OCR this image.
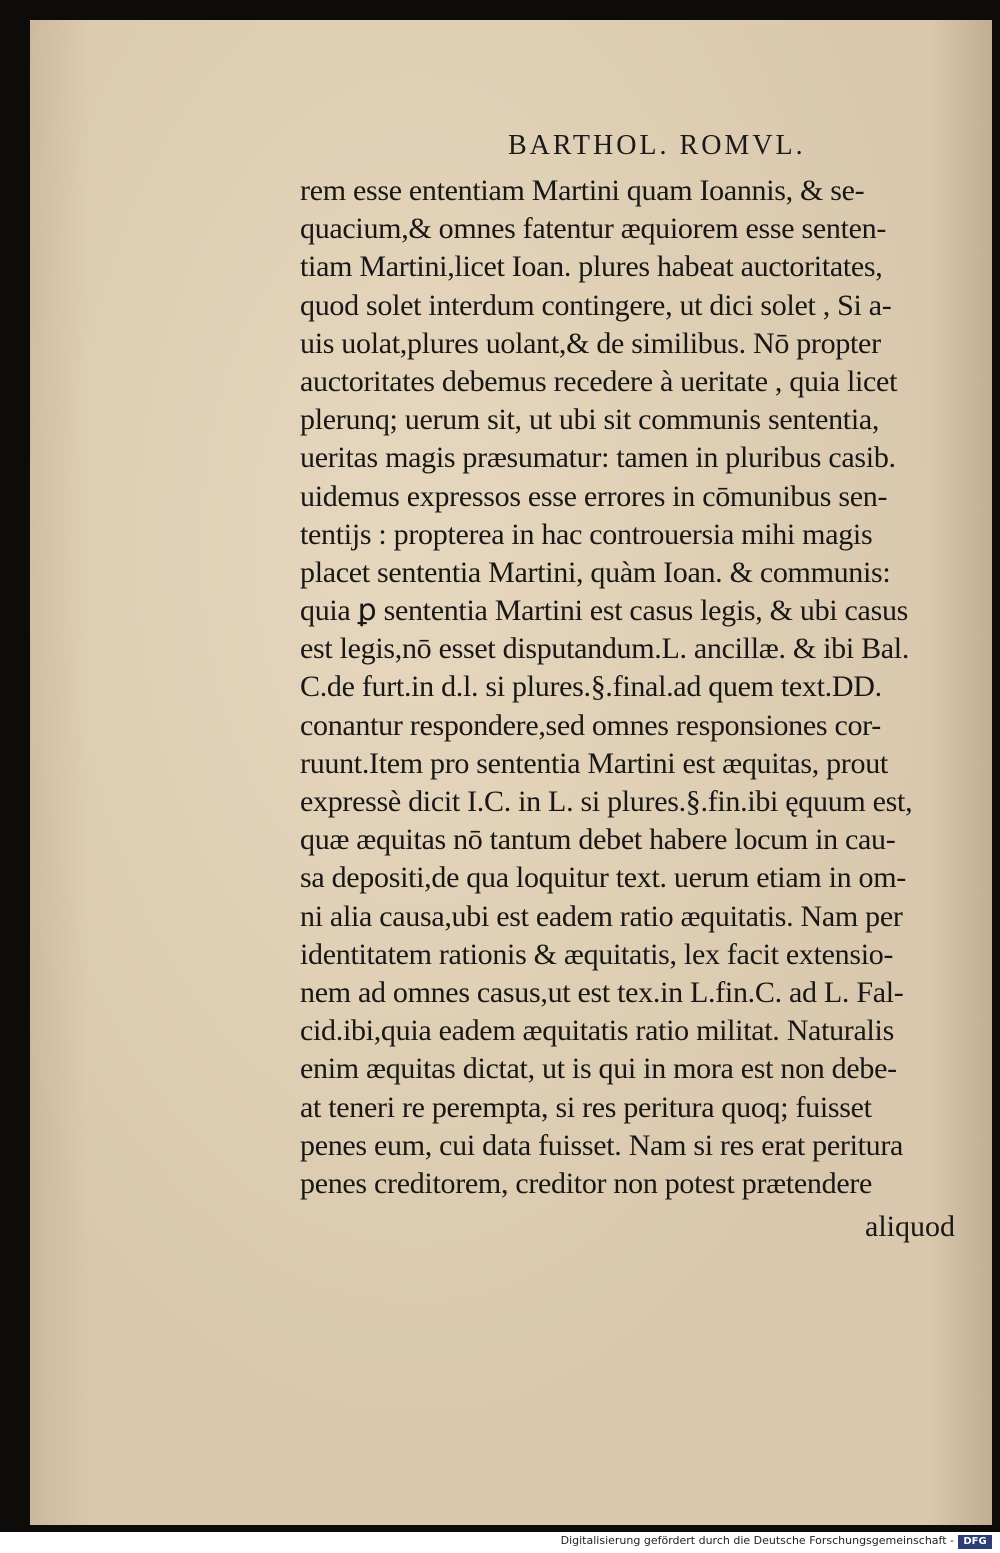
BARTHOL. ROMVL.
rem esse ententiam Martini quam Ioannis, & se-
quacium,& omnes fatentur æquiorem esse senten-
tiam Martini,licet Ioan. plures habeat auctoritates,
quod solet interdum contingere, ut dici solet , Si a-
uis uolat,plures uolant,& de similibus. Nō propter
auctoritates debemus recedere à ueritate , quia licet
plerunq; uerum sit, ut ubi sit communis sententia,
ueritas magis præsumatur: tamen in pluribus casib.
uidemus expressos esse errores in cōmunibus sen-
tentijs : propterea in hac controuersia mihi magis
placet sententia Martini, quàm Ioan. & communis:
quia ꝑ sententia Martini est casus legis, & ubi casus
est legis,nō esset disputandum.L. ancillæ. & ibi Bal.
C.de furt.in d.l. si plures.§.final.ad quem text.DD.
conantur respondere,sed omnes responsiones cor-
ruunt.Item pro sententia Martini est æquitas, prout
expressè dicit I.C. in L. si plures.§.fin.ibi ęquum est,
quæ æquitas nō tantum debet habere locum in cau-
sa depositi,de qua loquitur text. uerum etiam in om-
ni alia causa,ubi est eadem ratio æquitatis. Nam per
identitatem rationis & æquitatis, lex facit extensio-
nem ad omnes casus,ut est tex.in L.fin.C. ad L. Fal-
cid.ibi,quia eadem æquitatis ratio militat. Naturalis
enim æquitas dictat, ut is qui in mora est non debe-
at teneri re perempta, si res peritura quoq; fuisset
penes eum, cui data fuisset. Nam si res erat peritura
penes creditorem, creditor non potest prætendere
aliquod
Digitalisierung gefördert durch die Deutsche Forschungsgemeinschaft - DFG
